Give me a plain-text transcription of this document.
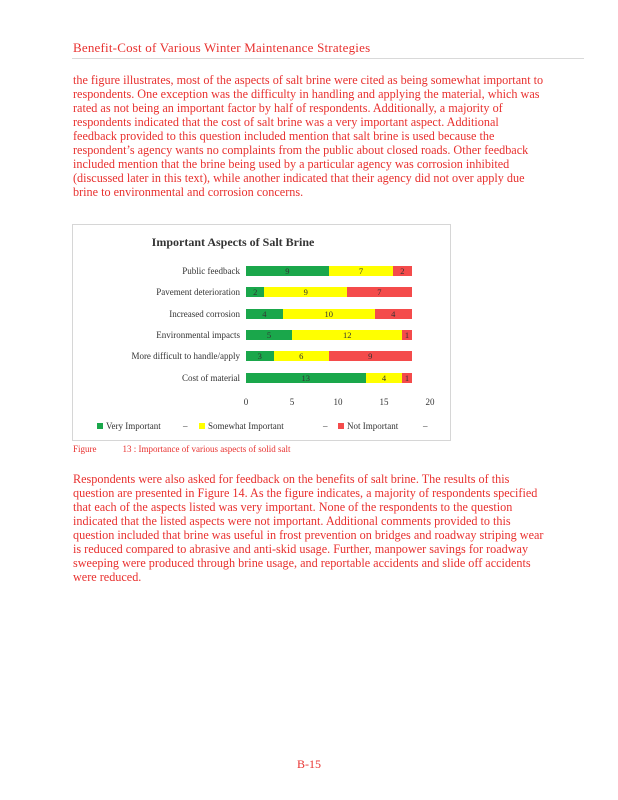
Benefit-Cost of Various Winter Maintenance Strategies
the figure illustrates, most of the aspects of salt brine were cited as being somewhat important to
respondents. One exception was the difficulty in handling and applying the material, which was
rated as not being an important factor by half of respondents. Additionally, a majority of
respondents indicated that the cost of salt brine was a very important aspect. Additional
feedback provided to this question included mention that salt brine is used because the
respondent’s agency wants no complaints from the public about closed roads. Other feedback
included mention that the brine being used by a particular agency was corrosion inhibited
(discussed later in this text), while another indicated that their agency did not over apply due
brine to environmental and corrosion concerns.
Important Aspects of Salt Brine
Public feedback	9	7	2
Pavement deterioration	2	9	7
Increased corrosion	4	10	4
Environmental impacts	5	12	1
More difficult to handle/apply	3	6	9
Cost of material	13	4	1
0	5	10	15	20
Very Important – Somewhat Important	– Not Important	–
Figure	13 : Importance of various aspects of solid salt
Respondents were also asked for feedback on the benefits of salt brine. The results of this
question are presented in Figure 14. As the figure indicates, a majority of respondents specified
that each of the aspects listed was very important. None of the respondents to the question
indicated that the listed aspects were not important. Additional comments provided to this
question included that brine was useful in frost prevention on bridges and roadway striping wear
is reduced compared to abrasive and anti-skid usage. Further, manpower savings for roadway
sweeping were produced through brine usage, and reportable accidents and slide off accidents
were reduced.
B-15
